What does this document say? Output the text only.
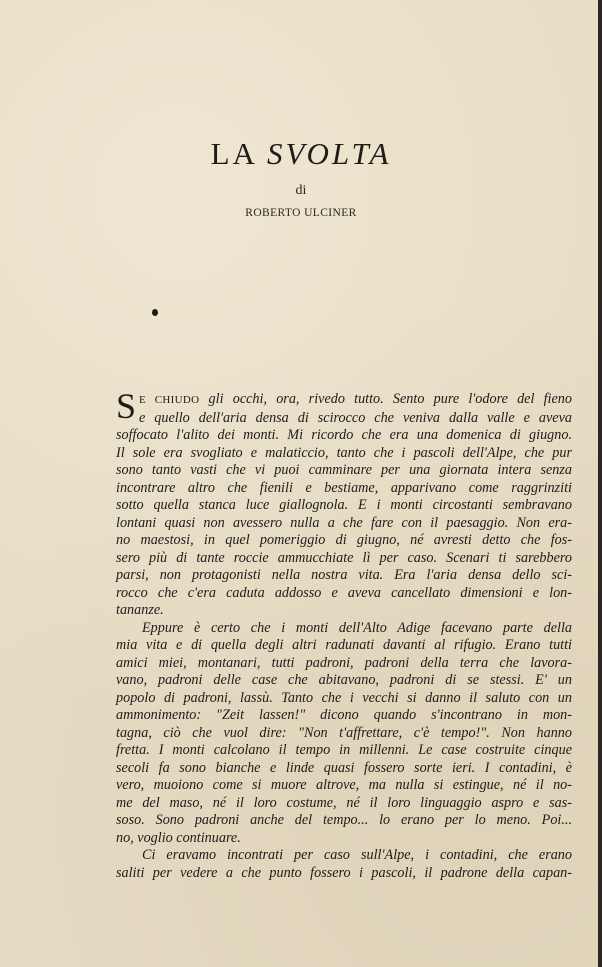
LA SVOLTA
di
ROBERTO ULCINER
S E CHIUDO gli occhi, ora, rivedo tutto. Sento pure l'odore del fieno
e quello dell'aria densa di scirocco che veniva dalla valle e aveva
soffocato l'alito dei monti. Mi ricordo che era una domenica di giugno.
Il sole era svogliato e malaticcio, tanto che i pascoli dell'Alpe, che pur
sono tanto vasti che vi puoi camminare per una giornata intera senza
incontrare altro che fienili e bestiame, apparivano come raggrinziti
sotto quella stanca luce giallognola. E i monti circostanti sembravano
lontani quasi non avessero nulla a che fare con il paesaggio. Non era-
no maestosi, in quel pomeriggio di giugno, né avresti detto che fos-
sero più di tante roccie ammucchiate lì per caso. Scenari ti sarebbero
parsi, non protagonisti nella nostra vita. Era l'aria densa dello sci-
rocco che c'era caduta addosso e aveva cancellato dimensioni e lon-
tananze.
Eppure è certo che i monti dell'Alto Adige facevano parte della
mia vita e di quella degli altri radunati davanti al rifugio. Erano tutti
amici miei, montanari, tutti padroni, padroni della terra che lavora-
vano, padroni delle case che abitavano, padroni di se stessi. E' un
popolo di padroni, lassù. Tanto che i vecchi si danno il saluto con un
ammonimento: "Zeit lassen!" dicono quando s'incontrano in mon-
tagna, ciò che vuol dire: "Non t'affrettare, c'è tempo!". Non hanno
fretta. I monti calcolano il tempo in millenni. Le case costruite cinque
secoli fa sono bianche e linde quasi fossero sorte ieri. I contadini, è
vero, muoiono come si muore altrove, ma nulla si estingue, né il no-
me del maso, né il loro costume, né il loro linguaggio aspro e sas-
soso. Sono padroni anche del tempo... lo erano per lo meno. Poi...
no, voglio continuare.
Ci eravamo incontrati per caso sull'Alpe, i contadini, che erano
saliti per vedere a che punto fossero i pascoli, il padrone della capan-
